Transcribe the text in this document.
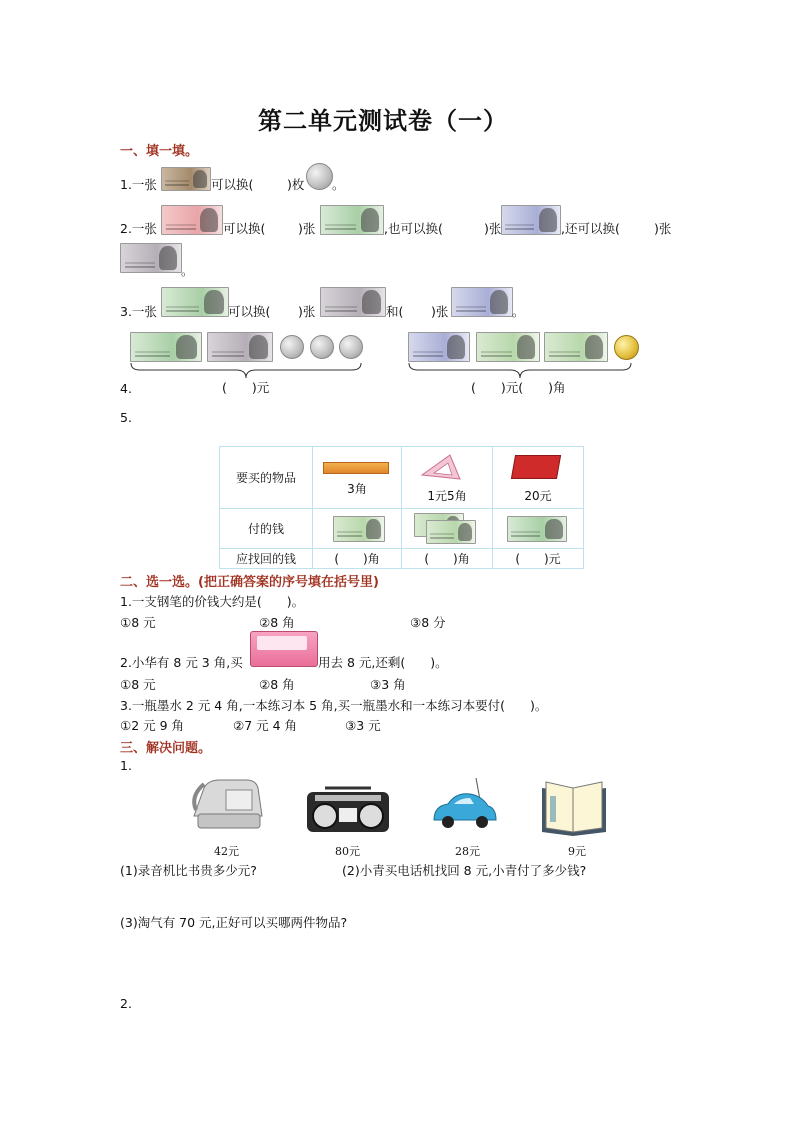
第二单元测试卷（一）
一、填一填。
1.一张	可以换(	)枚 。
2.一张	可以换(	)张	,也可以换(	)张	,还可以换(	)张
。
3.一张	可以换( )张	和( )张	。
4.	(　　)元	(　　)元(　　)角
5.
要买的物品	3角	1元5角	20元

付的钱	

应找回的钱	(　　)角	(　　)角	(　　)元
二、选一选。(把正确答案的序号填在括号里)
1.一支钢笔的价钱大约是(　　)。
①8 元	②8 角	③8 分
2.小华有 8 元 3 角,买	用去 8 元,还剩(　　)。
①8 元	②8 角	③3 角
3.一瓶墨水 2 元 4 角,一本练习本 5 角,买一瓶墨水和一本练习本要付(　　)。
①2 元 9 角	②7 元 4 角	③3 元
三、解决问题。
1.
42元	80元	28元	9元
(1)录音机比书贵多少元?	(2)小青买电话机找回 8 元,小青付了多少钱?
(3)淘气有 70 元,正好可以买哪两件物品?
2.
